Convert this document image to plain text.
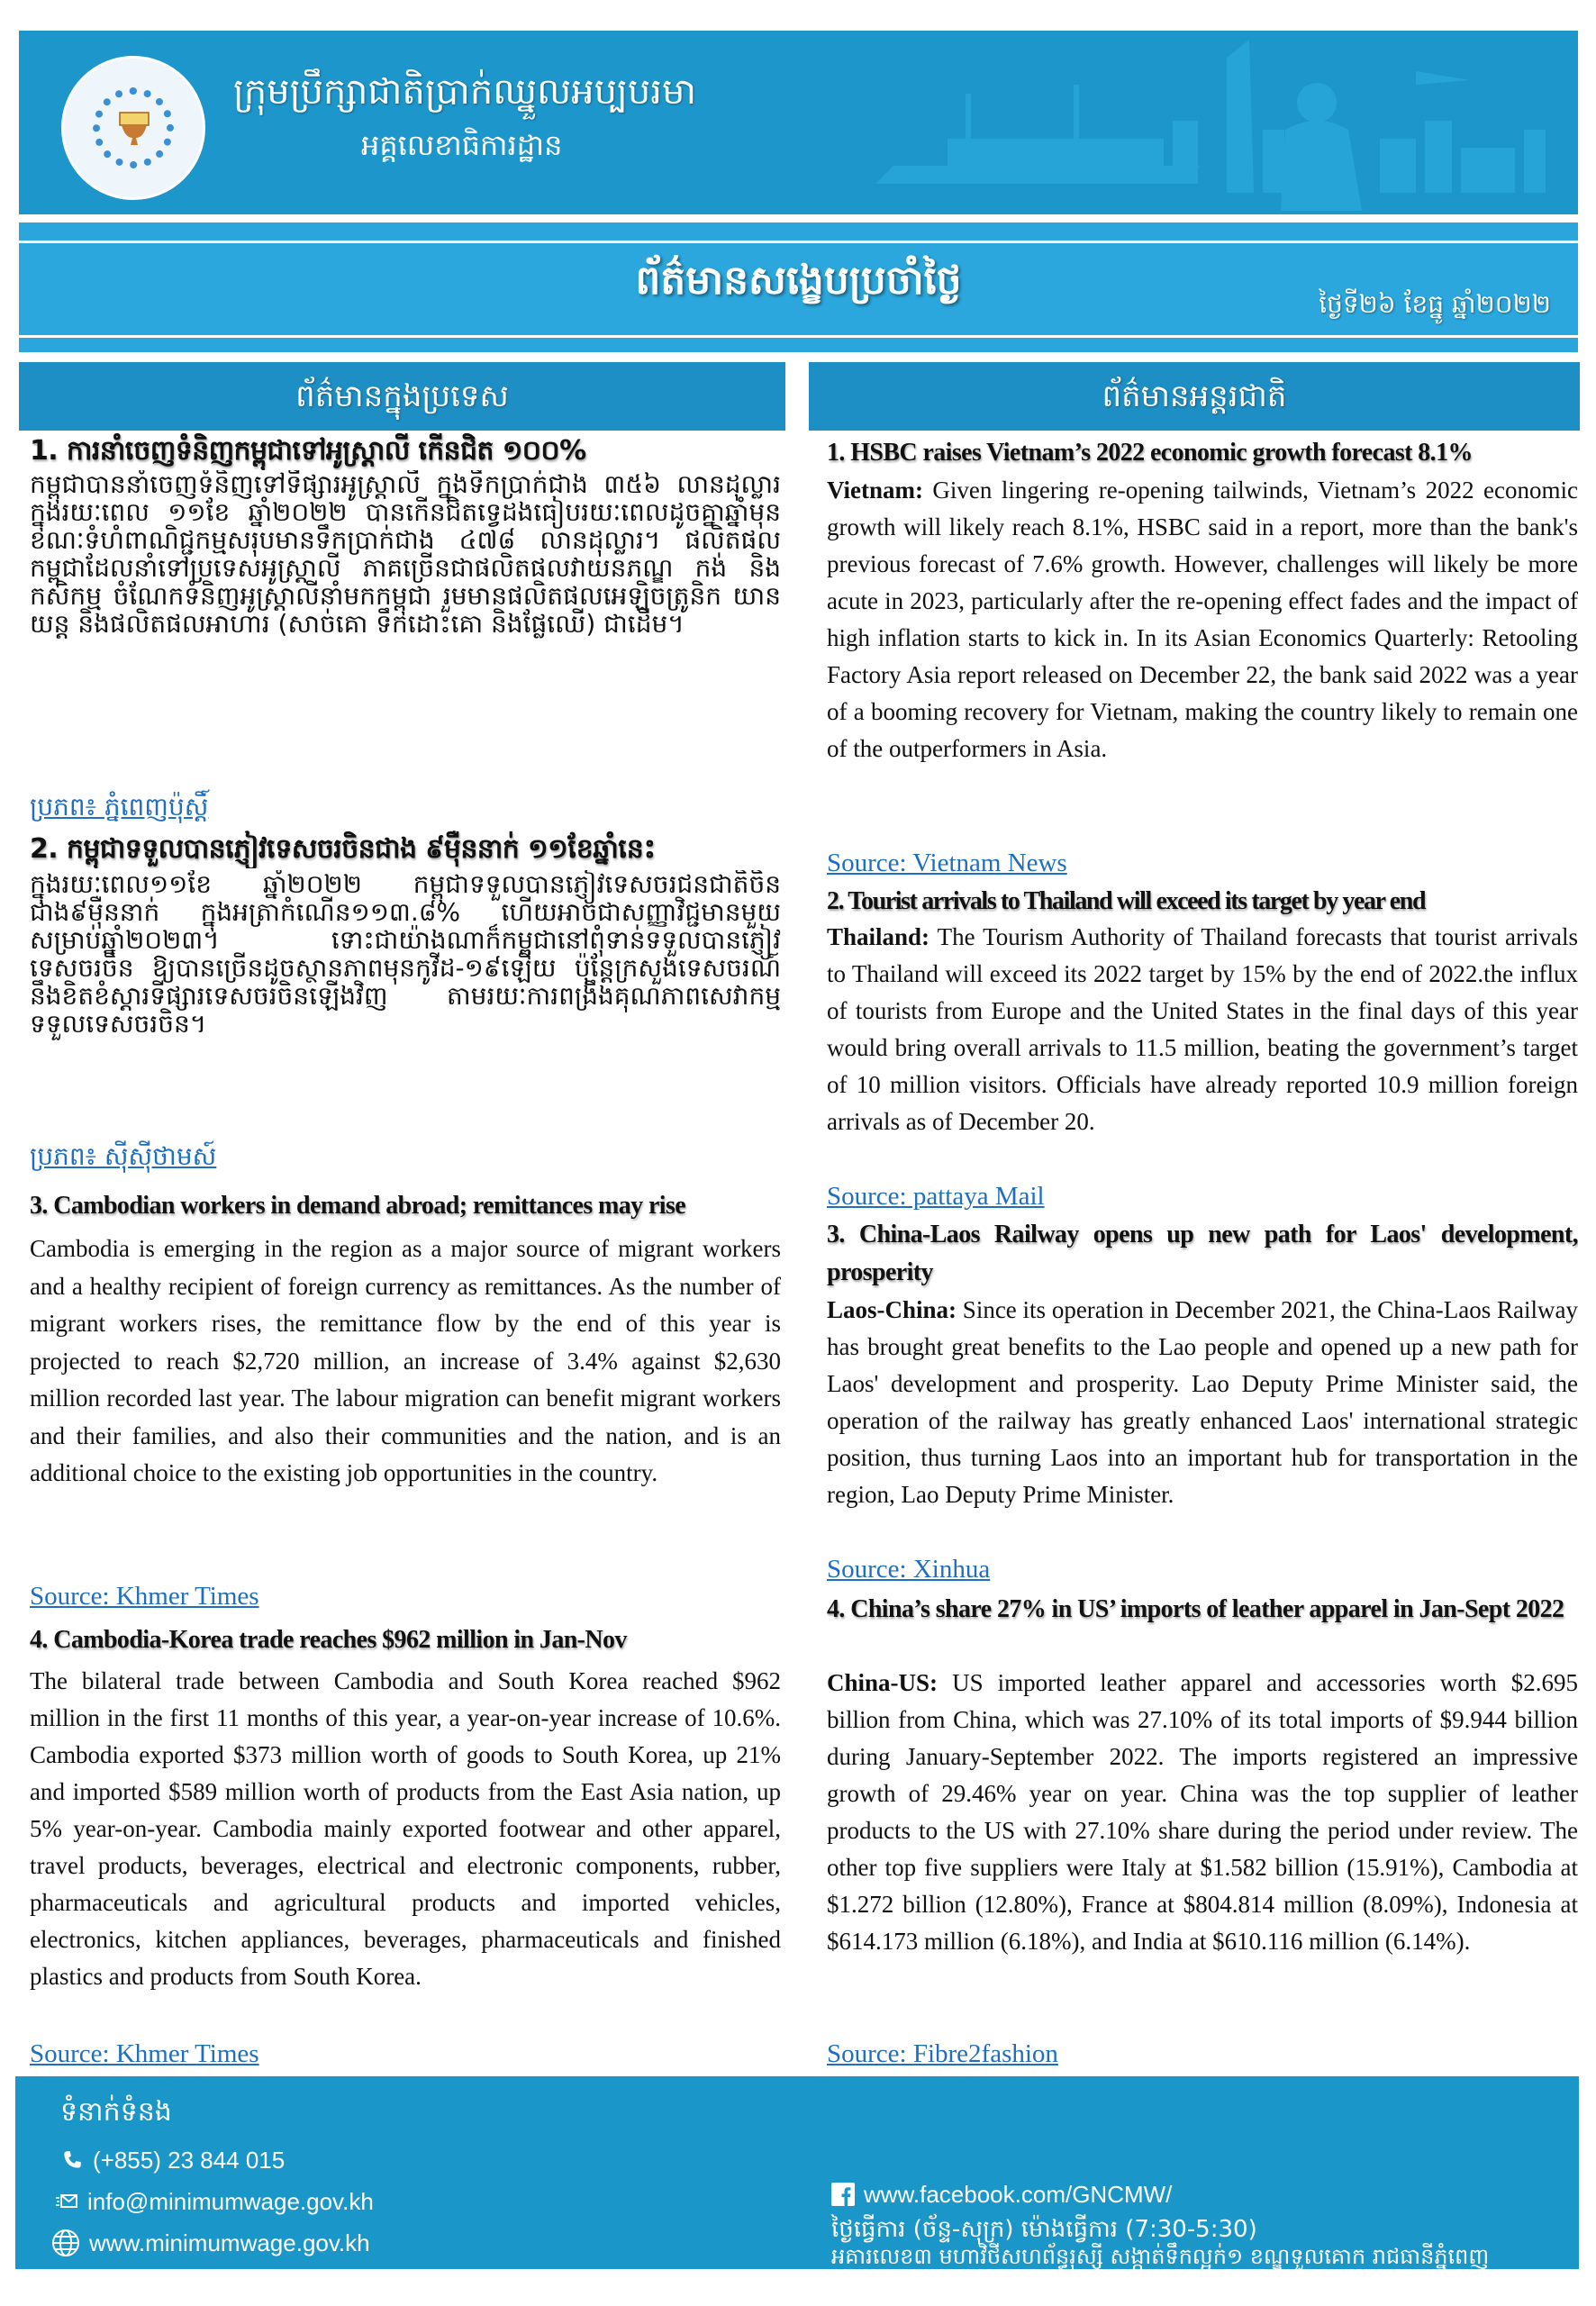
ក្រុមប្រឹក្សាជាតិប្រាក់ឈ្នួលអប្បបរមា
អគ្គលេខាធិការដ្ឋាន
ព័ត៌មានសង្ខេបប្រចាំថ្ងៃ
ថ្ងៃទី២៦ ខែធ្នូ ឆ្នាំ២០២២
ព័ត៌មានក្នុងប្រទេស	ព័ត៌មានអន្តរជាតិ
1. ការនាំចេញទំនិញកម្ពុជាទៅអូស្ត្រាលី កើនជិត ១០០%
កម្ពុជាបាននាំចេញទំនិញទៅទីផ្សារអូស្ត្រាលី ក្នុងទឹកប្រាក់ជាង ៣៥៦ លានដុល្លារ ក្នុងរយៈពេល ១១ខែ ឆ្នាំ២០២២ បានកើនជិតទ្វេដងធៀបរយៈពេលដូចគ្នាឆ្នាំមុន ខណៈទំហំពាណិជ្ជកម្មសរុបមានទឹកប្រាក់ជាង ៤៧៨ លានដុល្លារ។ ផលិតផលកម្ពុជាដែលនាំទៅប្រទេសអូស្ត្រាលី ភាគច្រើនជាផលិតផលវាយនភណ្ឌ កង់ និងកសិកម្ម ចំណែកទំនិញអូស្ត្រាលីនាំមកកម្ពុជា រួមមានផលិតផលអេឡិចត្រូនិក យានយន្ត និងផលិតផលអាហារ (សាច់គោ ទឹកដោះគោ និងផ្លែឈើ) ជាដើម។
ប្រភព៖ ភ្នំពេញប៉ុស្តិ៍
2. កម្ពុជាទទួលបានភ្ញៀវទេសចរចិនជាង ៩ម៉ឺននាក់ ១១ខែឆ្នាំនេះ
ក្នុងរយៈពេល១១ខែ ឆ្នាំ២០២២ កម្ពុជាទទួលបានភ្ញៀវទេសចរជនជាតិចិនជាង៩ម៉ឺននាក់ ក្នុងអត្រាកំណើន១១៣.៨% ហើយអាចជាសញ្ញាវិជ្ជមានមួយសម្រាប់ឆ្នាំ២០២៣។ ទោះជាយ៉ាងណាក៏កម្ពុជានៅពុំទាន់ទទួលបានភ្ញៀវទេសចរចិន ឱ្យបានច្រើនដូចស្ថានភាពមុនកូវីដ-១៩ឡើយ ប៉ុន្តែក្រសួងទេសចរណ៍នឹងខិតខំស្តារទីផ្សារទេសចរចិនឡើងវិញ តាមរយៈការពង្រឹងគុណភាពសេវាកម្មទទួលទេសចរចិន។
ប្រភព៖ ស៊ីស៊ីថាមស៍
3. Cambodian workers in demand abroad; remittances may rise
Cambodia is emerging in the region as a major source of migrant workers and a healthy recipient of foreign currency as remittances. As the number of migrant workers rises, the remittance flow by the end of this year is projected to reach $2,720 million, an increase of 3.4% against $2,630 million recorded last year. The labour migration can benefit migrant workers and their families, and also their communities and the nation, and is an additional choice to the existing job opportunities in the country.
Source: Khmer Times
4. Cambodia-Korea trade reaches $962 million in Jan-Nov
The bilateral trade between Cambodia and South Korea reached $962 million in the first 11 months of this year, a year-on-year increase of 10.6%. Cambodia exported $373 million worth of goods to South Korea, up 21% and imported $589 million worth of products from the East Asia nation, up 5% year-on-year. Cambodia mainly exported footwear and other apparel, travel products, beverages, electrical and electronic components, rubber, pharmaceuticals and agricultural products and imported vehicles, electronics, kitchen appliances, beverages, pharmaceuticals and finished plastics and products from South Korea.
Source: Khmer Times
1. HSBC raises Vietnam’s 2022 economic growth forecast 8.1%
Vietnam: Given lingering re-opening tailwinds, Vietnam’s 2022 economic growth will likely reach 8.1%, HSBC said in a report, more than the bank's previous forecast of 7.6% growth. However, challenges will likely be more acute in 2023, particularly after the re-opening effect fades and the impact of high inflation starts to kick in. In its Asian Economics Quarterly: Retooling Factory Asia report released on December 22, the bank said 2022 was a year of a booming recovery for Vietnam, making the country likely to remain one of the outperformers in Asia.
Source: Vietnam News
2. Tourist arrivals to Thailand will exceed its target by year end
Thailand: The Tourism Authority of Thailand forecasts that tourist arrivals to Thailand will exceed its 2022 target by 15% by the end of 2022.the influx of tourists from Europe and the United States in the final days of this year would bring overall arrivals to 11.5 million, beating the government’s target of 10 million visitors. Officials have already reported 10.9 million foreign arrivals as of December 20.
Source: pattaya Mail
3. China-Laos Railway opens up new path for Laos' development, prosperity
Laos-China: Since its operation in December 2021, the China-Laos Railway has brought great benefits to the Lao people and opened up a new path for Laos' development and prosperity. Lao Deputy Prime Minister said, the operation of the railway has greatly enhanced Laos' international strategic position, thus turning Laos into an important hub for transportation in the region, Lao Deputy Prime Minister.
Source: Xinhua
4. China’s share 27% in US’ imports of leather apparel in Jan-Sept 2022
China-US: US imported leather apparel and accessories worth $2.695 billion from China, which was 27.10% of its total imports of $9.944 billion during January-September 2022. The imports registered an impressive growth of 29.46% year on year. China was the top supplier of leather products to the US with 27.10% share during the period under review. The other top five suppliers were Italy at $1.582 billion (15.91%), Cambodia at $1.272 billion (12.80%), France at $804.814 million (8.09%), Indonesia at $614.173 million (6.18%), and India at $610.116 million (6.14%).
Source: Fibre2fashion
ទំនាក់ទំនង
(+855) 23 844 015
info@minimumwage.gov.kh
www.minimumwage.gov.kh
www.facebook.com/GNCMW/
ថ្ងៃធ្វើការ (ច័ន្ទ-សុក្រ) ម៉ោងធ្វើការ (7:30-5:30)
អគារលេខ៣ មហាវិថីសហព័ន្ធរុស្ស៊ី សង្កាត់ទឹកល្អក់១ ខណ្ឌទួលគោក រាជធានីភ្នំពេញ
